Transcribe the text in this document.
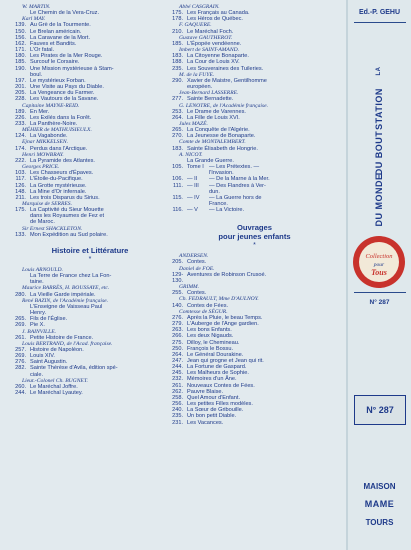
W. MARTIN.
Le Chemin de la Vera-Cruz.
Karl MAY.
139. Au Grè de la Tourmente.
150. Le Brelan américain.
156. La Caravane de la Mort.
162. Fauves et Bandits.
171. L'Or fatal.
180. Les Pirates de la Mer Rouge.
185. Surcouf le Corsaire.
190. Une Mission mystérieuse à Stam-
boul.
197. Le mystérieux Forban.
201. Une Visite au Pays du Diable.
205. La Vengeance du Farmer.
228. Les Vautours de la Savane.
Capitaine MAYNE-REID.
189. En Mer.
226. Les Exilés dans la Forêt.
233. La Panthère-Noire.
MÉHIER de MATHUISIEULX.
124. La Vagabonde.
Ejnar MIKKELSEN.
174. Perdus dans l'Arctique.
Henri MOWBRAY.
222. La Pyramide des Atlantes.
Georges PRICE.
103. Les Chasseurs d'Épaves.
117. L'Étoile-du-Pacifique.
126. La Grotte mystérieuse.
148. La Mine d'Or infernale.
211. Les trois Disparus du Sirius.
Marquise de SERRES.
175. La Captivité du Sieur Mouette
dans les Royaumes de Fez et
de Maroc.
Sir Ernest SHACKLETON.
133. Mon Expédition au Sud polaire.
Histoire et Littérature
*
Louis ARNOULD.
La Terre de France chez La Fon-
taine.
Maurice BARRÈS, H. BOUSSAYE, etc.
280. La Vieille Garde impériale.
René BAZIN, de l'Académie française.
L'Enseigne de Vaisseau Paul
Henry.
265. Fils de l'Église.
269. Pie X.
J. BAINVILLE.
261. Petite Histoire de France.
Louis BERTRAND, de l'Acad. française.
257. Histoire de Napoléon.
269. Louis XIV.
276. Saint Augustin.
282. Sainte Thérèse d'Avila, édition spé-
ciale.
Lieut.-Colonel Ch. BUGNET.
260. Le Maréchal Joffre.
244. Le Maréchal Lyautey.
Abbé CASGRAIN.
175. Les Français au Canada.
178. Les Héros de Québec.
F. GAQUERE.
210. Le Maréchal Foch.
Gustave GAUTHEROT.
185. L'Épopée vendéenne.
Imbert de SAINT-AMAND.
183. La Citoyenne Bonaparte.
188. La Cour de Louis XV.
235. Les Souveraines des Tuileries.
M. de la FUYE.
290. Xavier de Maistre, Gentilhomme
européen.
Jean-Bernard LASSERRE.
277. Sainte Bernadette.
G. LENOTRE, de l'Académie française.
253. Le Drame de Varennes.
264. La Fille de Louis XVI.
Jules MAZÉ.
265. La Conquête de l'Algérie.
270. La Jeunesse de Bonaparte.
Comte de MONTALEMBERT.
183. Sainte Élisabeth de Hongrie.
A. NICOT.
La Grande Guerre.
105. Tome I — Les Prétextes. —
l'Invasion.
106. — II	— De la Marne à la Mer.
111. — III	— Des Flandres à Ver-
dun.
115. — IV	— La Guerre hors de
France.
116. — V	— La Victoire.
Ouvrages
pour jeunes enfants
*
ANDERSEN.
205. Contes.
Daniel de FOE.
129-130.
Aventures de Robinson Crusoé.
GRIMM.
255. Contes.
Ch. FEDRAULT, Mme D'AULNOY.
140. Contes de Fées.
Comtesse de SÉGUR.
276. Après la Pluie, le beau Temps.
279. L'Auberge de l'Ange gardien.
263. Les bons Enfants.
266. Les deux Nigauds.
275. Dilloy, le Chemineau.
250. François le Bossu.
264. Le Général Dourakine.
247. Jean qui grogne et Jean qui rit.
244. La Fortune de Gaspard.
245. Les Malheurs de Sophie.
232. Mémoires d'un Âne.
261. Nouveaux Contes de Fées.
262. Pauvre Blaise.
258. Quel Amour d'Enfant.
256. Les petites Filles modèles.
240. La Sœur de Gribouille.
235. Un bon petit Diable.
231. Les Vacances.
Ed.-P. GEHU
LA
STATION
DU BOUT
DU MONDE
Collection
pour
Tous
N° 287
N° 287
MAISON
MAME
TOURS
